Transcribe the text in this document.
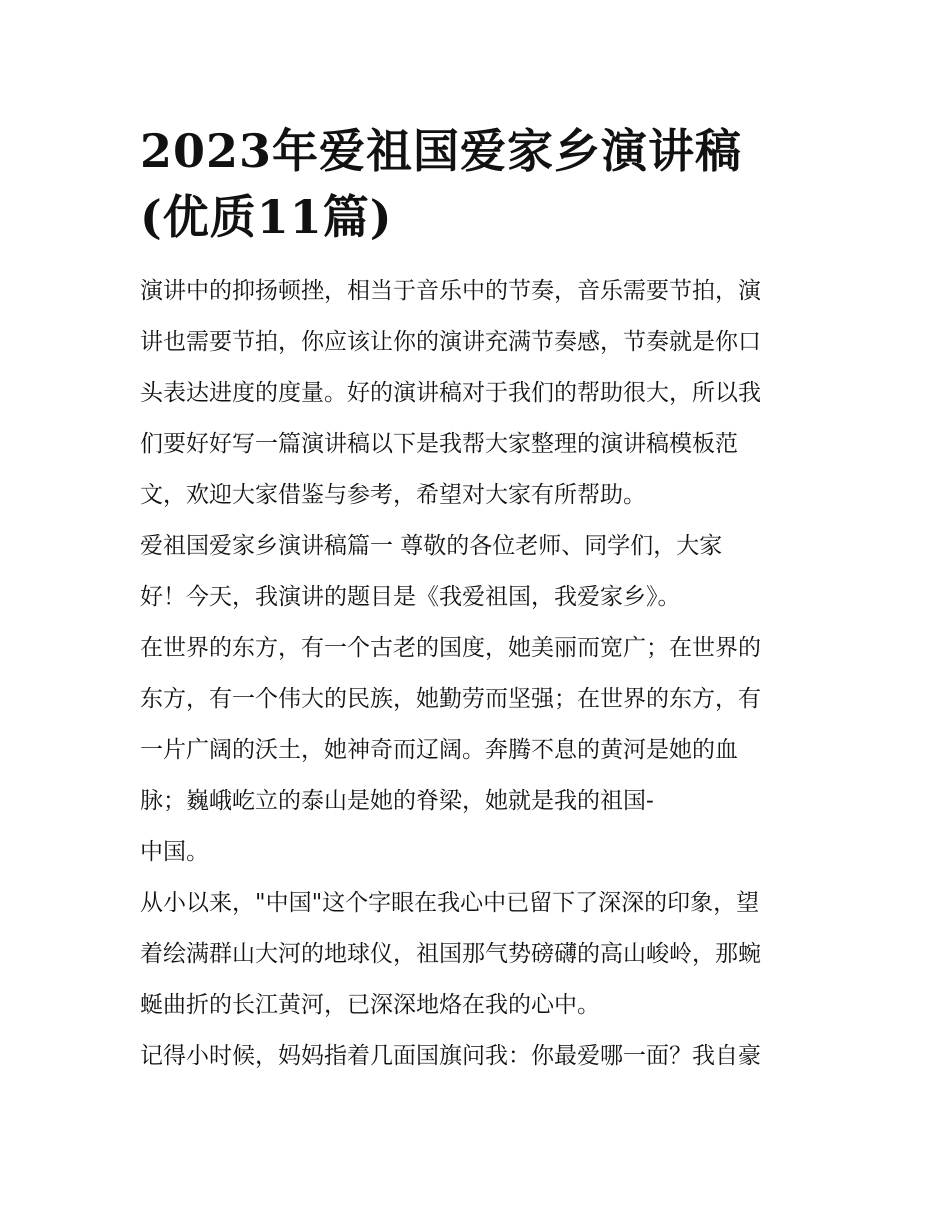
2023年爱祖国爱家乡演讲稿
(优质11篇)

演讲中的抑扬顿挫，相当于音乐中的节奏，音乐需要节拍，演
讲也需要节拍，你应该让你的演讲充满节奏感，节奏就是你口
头表达进度的度量。好的演讲稿对于我们的帮助很大，所以我
们要好好写一篇演讲稿以下是我帮大家整理的演讲稿模板范
文，欢迎大家借鉴与参考，希望对大家有所帮助。

爱祖国爱家乡演讲稿篇一 尊敬的各位老师、同学们，大家
好！今天，我演讲的题目是《我爱祖国，我爱家乡》。

在世界的东方，有一个古老的国度，她美丽而宽广；在世界的
东方，有一个伟大的民族，她勤劳而坚强；在世界的东方，有
一片广阔的沃土，她神奇而辽阔。奔腾不息的黄河是她的血
脉；巍峨屹立的泰山是她的脊梁，她就是我的祖国-
中国。

从小以来，"中国"这个字眼在我心中已留下了深深的印象，望
着绘满群山大河的地球仪，祖国那气势磅礴的高山峻岭，那蜿
蜒曲折的长江黄河，已深深地烙在我的心中。

记得小时候，妈妈指着几面国旗问我：你最爱哪一面？我自豪
